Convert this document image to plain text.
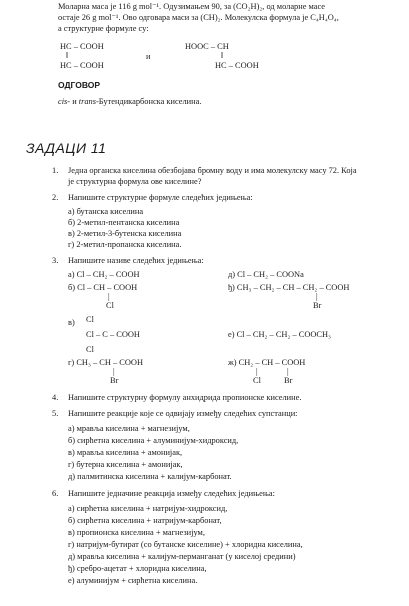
Моларна маса је 116 g mol⁻¹. Одузимањем 90, за (CO₂H)₂, од моларне масе
остаје 26 g mol⁻¹. Ово одговара маси за (CH)₂. Молекулска формула је C₄H₄O₄,
а структурне формуле су:
HC – COOH
‖
HC – COOH
и
HOOC – CH
‖
HC – COOH
ОДГОВОР
cis- и trans-Бутендикарбонска киселина.
ЗАДАЦИ 11
1. Једна органска киселина обезбојава бромну воду и има молекулску масу 72. Која
је структурна формула ове киселине?
2. Напишите структурне формуле следећих једињења:
а) бутанска киселина
б) 2-метил-пентанска киселина
в) 2-метил-3-бутенска киселина
г) 2-метил-пропанска киселина.
3. Напишите називе следећих једињења:
а) Cl – CH₂ – COOH	д) Cl – CH₂ – COONa
б) Cl – CH – COOH
|
Cl
ђ) CH₃ – CH₂ – CH – CH₂ – COOH
|
Br
в) Cl
Cl – C – COOH
Cl
е) Cl – CH₂ – CH₂ – COOCH₃
г) CH₃ – CH – COOH
|
Br
ж) CH₂ – CH – COOH
|
Cl
|
Br
4. Напишите структурну формулу анхидрида пропионске киселине.
5. Напишите реакције које се одвијају између следећих супстанци:
а) мравља киселина + магнезијум,
б) сирћетна киселина + алуминијум-хидроксид,
в) мравља киселина + амонијак,
г) бутерна киселина + амонијак,
д) палмитинска киселина + калијум-карбонат.
6. Напишите једначине реакција између следећих једињења:
а) сирћетна киселина + натријум-хидроксид,
б) сирћетна киселина + натријум-карбонат,
в) пропионска киселина + магнезијум,
г) натријум-бутират (со бутанске киселине) + хлоридна киселина,
д) мравља киселина + калијум-перманганат (у киселој средини)
ђ) сребро-ацетат + хлоридна киселина,
е) алуминијум + сирћетна киселина.
